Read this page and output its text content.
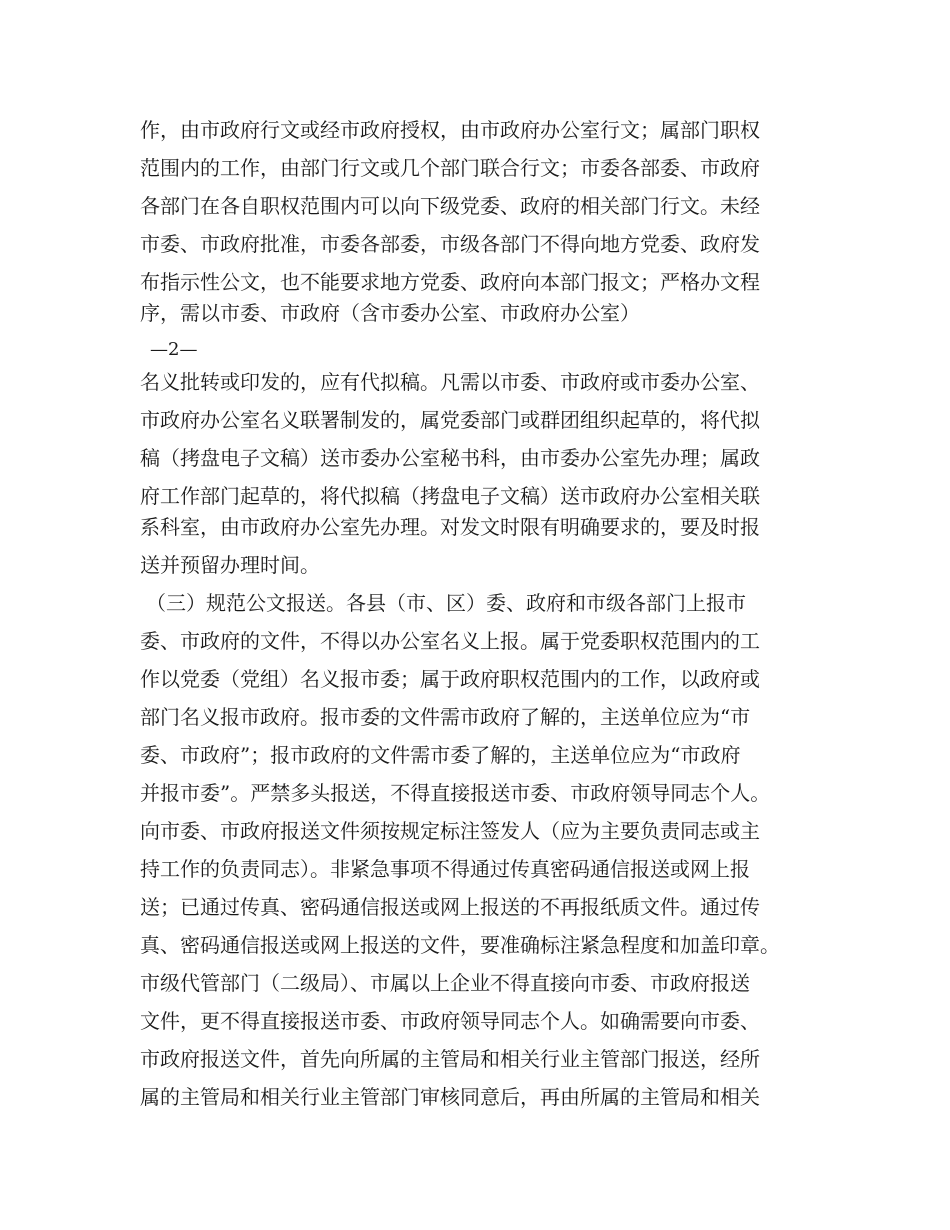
作，由市政府行文或经市政府授权，由市政府办公室行文；属部门职权
范围内的工作，由部门行文或几个部门联合行文；市委各部委、市政府
各部门在各自职权范围内可以向下级党委、政府的相关部门行文。未经
市委、市政府批准，市委各部委，市级各部门不得向地方党委、政府发
布指示性公文，也不能要求地方党委、政府向本部门报文；严格办文程
序，需以市委、市政府（含市委办公室、市政府办公室）
—2—
名义批转或印发的，应有代拟稿。凡需以市委、市政府或市委办公室、
市政府办公室名义联署制发的，属党委部门或群团组织起草的，将代拟
稿（拷盘电子文稿）送市委办公室秘书科，由市委办公室先办理；属政
府工作部门起草的，将代拟稿（拷盘电子文稿）送市政府办公室相关联
系科室，由市政府办公室先办理。对发文时限有明确要求的，要及时报
送并预留办理时间。
（三）规范公文报送。各县（市、区）委、政府和市级各部门上报市
委、市政府的文件，不得以办公室名义上报。属于党委职权范围内的工
作以党委（党组）名义报市委；属于政府职权范围内的工作，以政府或
部门名义报市政府。报市委的文件需市政府了解的，主送单位应为“市
委、市政府”；报市政府的文件需市委了解的，主送单位应为“市政府
并报市委”。严禁多头报送，不得直接报送市委、市政府领导同志个人。
向市委、市政府报送文件须按规定标注签发人（应为主要负责同志或主
持工作的负责同志）。非紧急事项不得通过传真密码通信报送或网上报
送；已通过传真、密码通信报送或网上报送的不再报纸质文件。通过传
真、密码通信报送或网上报送的文件，要准确标注紧急程度和加盖印章。
市级代管部门（二级局）、市属以上企业不得直接向市委、市政府报送
文件，更不得直接报送市委、市政府领导同志个人。如确需要向市委、
市政府报送文件，首先向所属的主管局和相关行业主管部门报送，经所
属的主管局和相关行业主管部门审核同意后，再由所属的主管局和相关
